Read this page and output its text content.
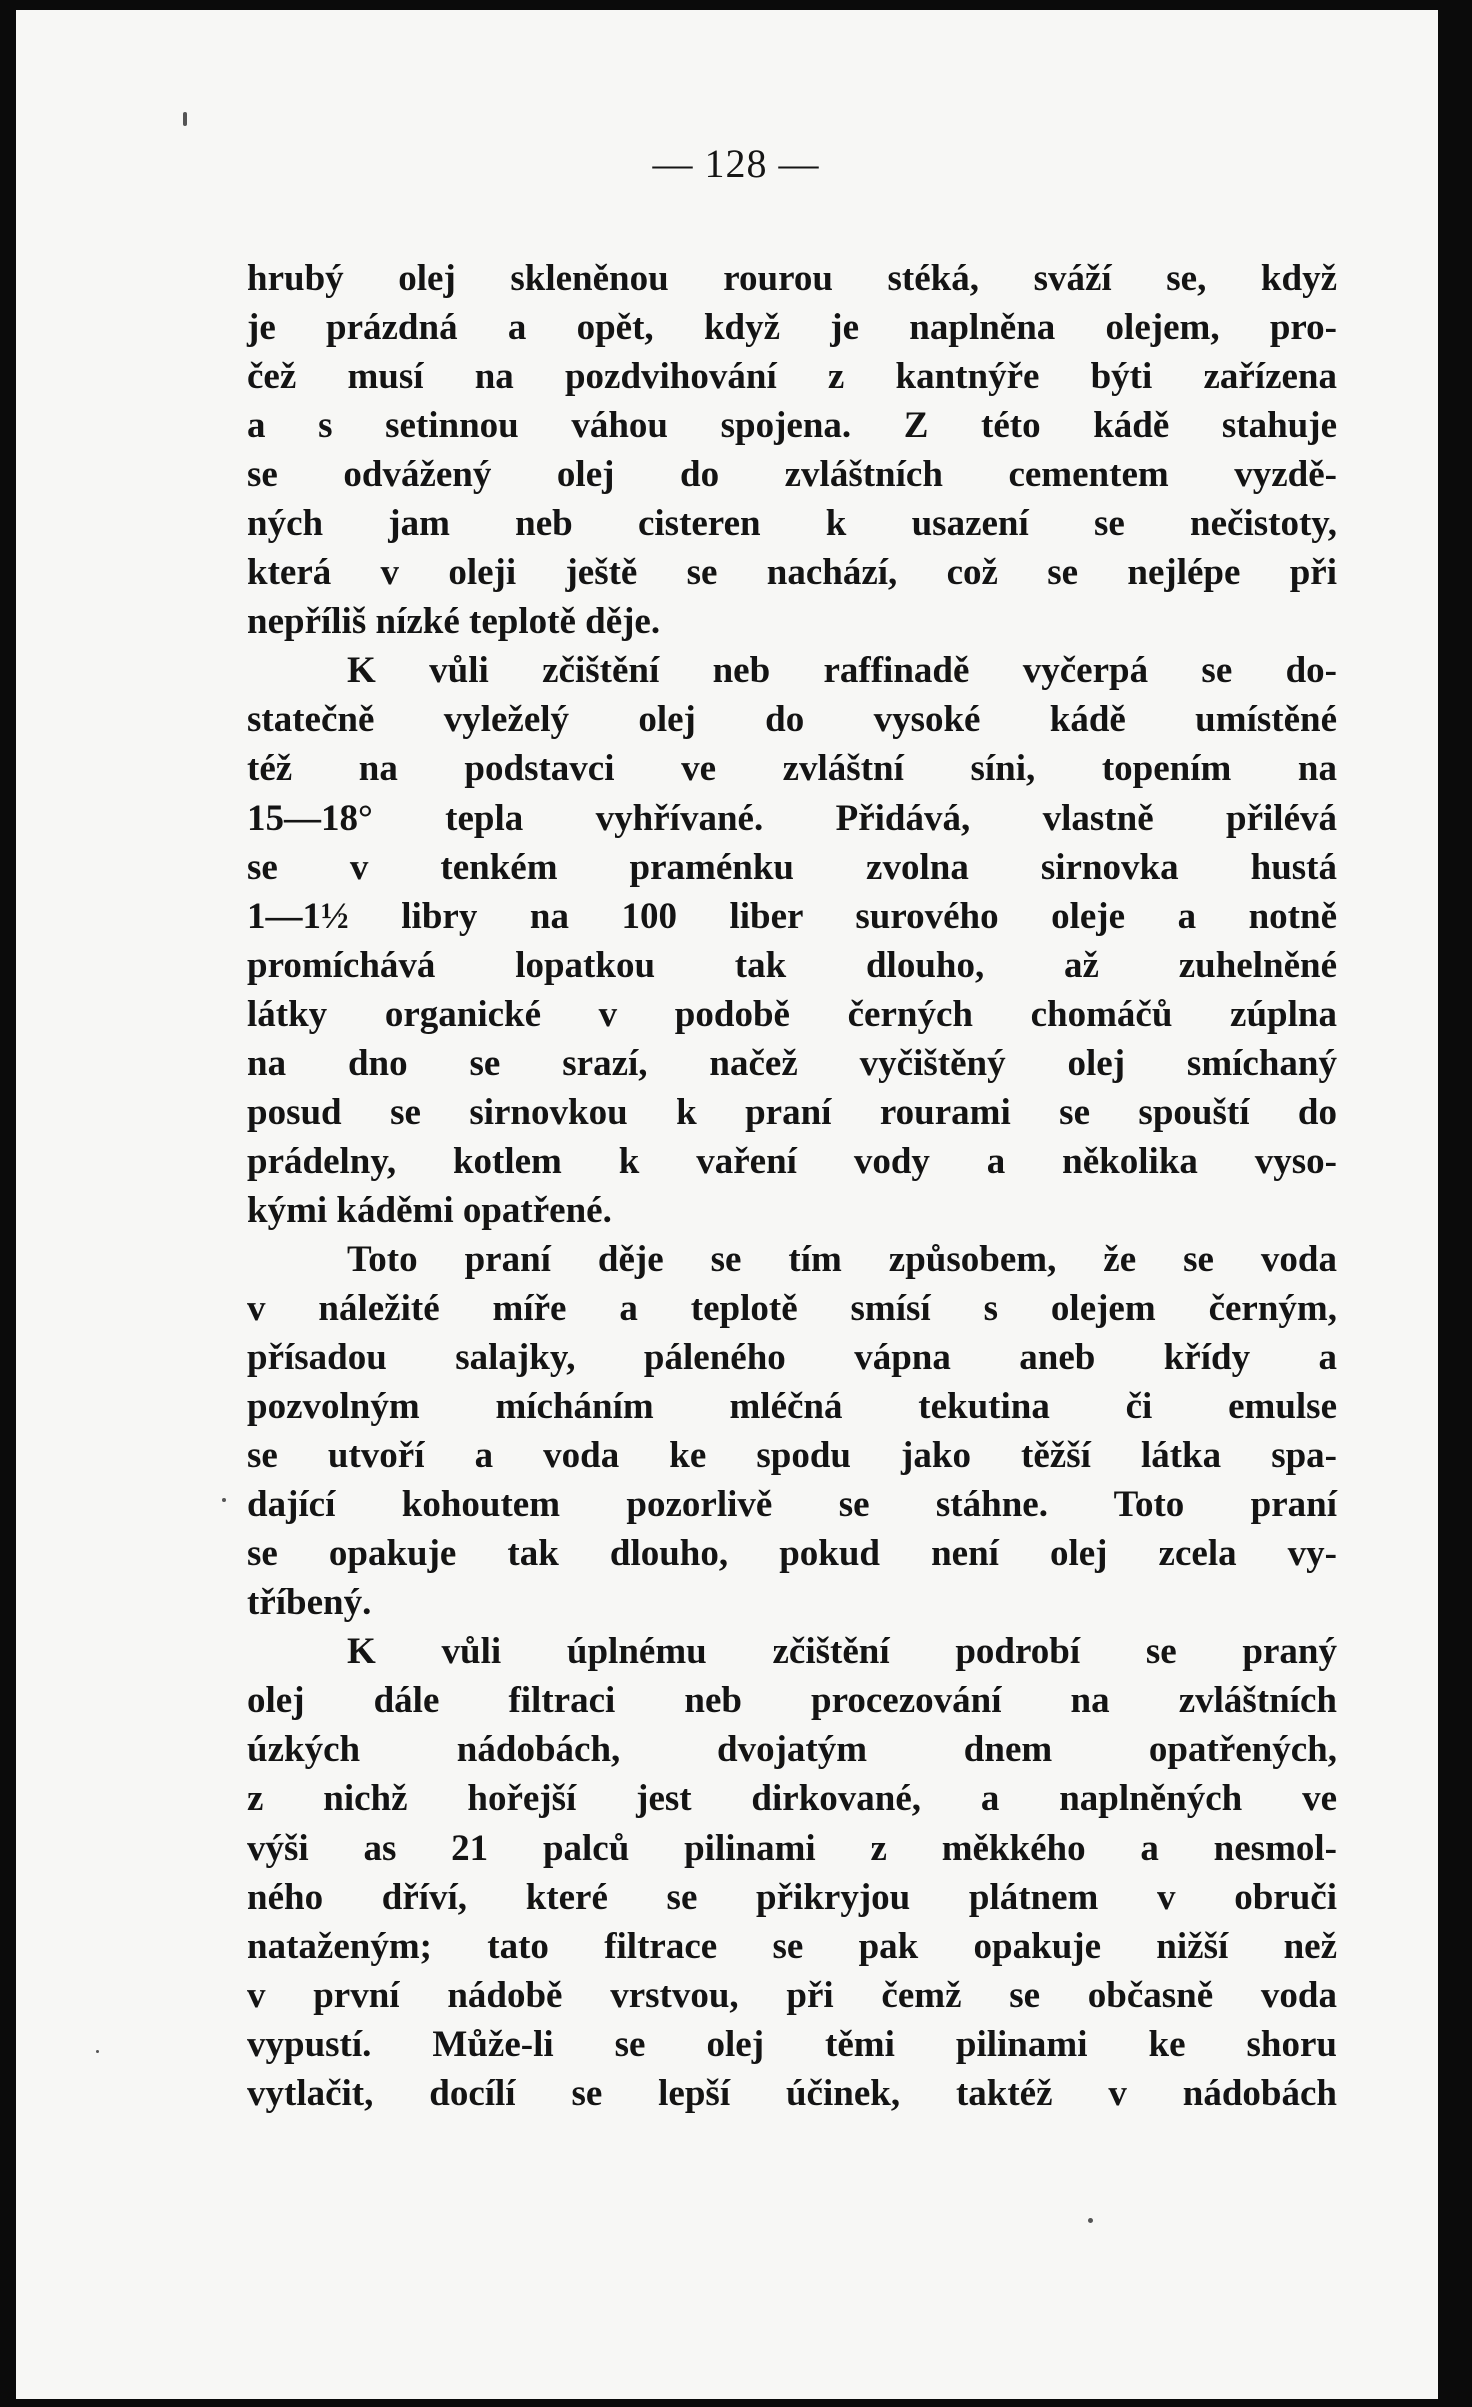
— 128 —
hrubý olej skleněnou rourou stéká, sváží se, když
je prázdná a opět, když je naplněna olejem, pro-
čež musí na pozdvihování z kantnýře býti zařízena
a s setinnou váhou spojena. Z této kádě stahuje
se odvážený olej do zvláštních cementem vyzdě-
ných jam neb cisteren k usazení se nečistoty,
která v oleji ještě se nachází, což se nejlépe při
nepříliš nízké teplotě děje.
K vůli zčištění neb raffinadě vyčerpá se do-
statečně vyleželý olej do vysoké kádě umístěné
též na podstavci ve zvláštní síni, topením na
15—18° tepla vyhřívané. Přidává, vlastně přilévá
se v tenkém praménku zvolna sirnovka hustá
1—1½ libry na 100 liber surového oleje a notně
promíchává lopatkou tak dlouho, až zuhelněné
látky organické v podobě černých chomáčů zúplna
na dno se srazí, načež vyčištěný olej smíchaný
posud se sirnovkou k praní rourami se spouští do
prádelny, kotlem k vaření vody a několika vyso-
kými káděmi opatřené.
Toto praní děje se tím způsobem, že se voda
v náležité míře a teplotě smísí s olejem černým,
přísadou salajky, páleného vápna aneb křídy a
pozvolným mícháním mléčná tekutina či emulse
se utvoří a voda ke spodu jako těžší látka spa-
dající kohoutem pozorlivě se stáhne. Toto praní
se opakuje tak dlouho, pokud není olej zcela vy-
tříbený.
K vůli úplnému zčištění podrobí se praný
olej dále filtraci neb procezování na zvláštních
úzkých nádobách, dvojatým dnem opatřených,
z nichž hořejší jest dirkované, a naplněných ve
výši as 21 palců pilinami z měkkého a nesmol-
ného dříví, které se přikryjou plátnem v obruči
nataženým; tato filtrace se pak opakuje nižší než
v první nádobě vrstvou, při čemž se občasně voda
vypustí. Může-li se olej těmi pilinami ke shoru
vytlačit, docílí se lepší účinek, taktéž v nádobách
